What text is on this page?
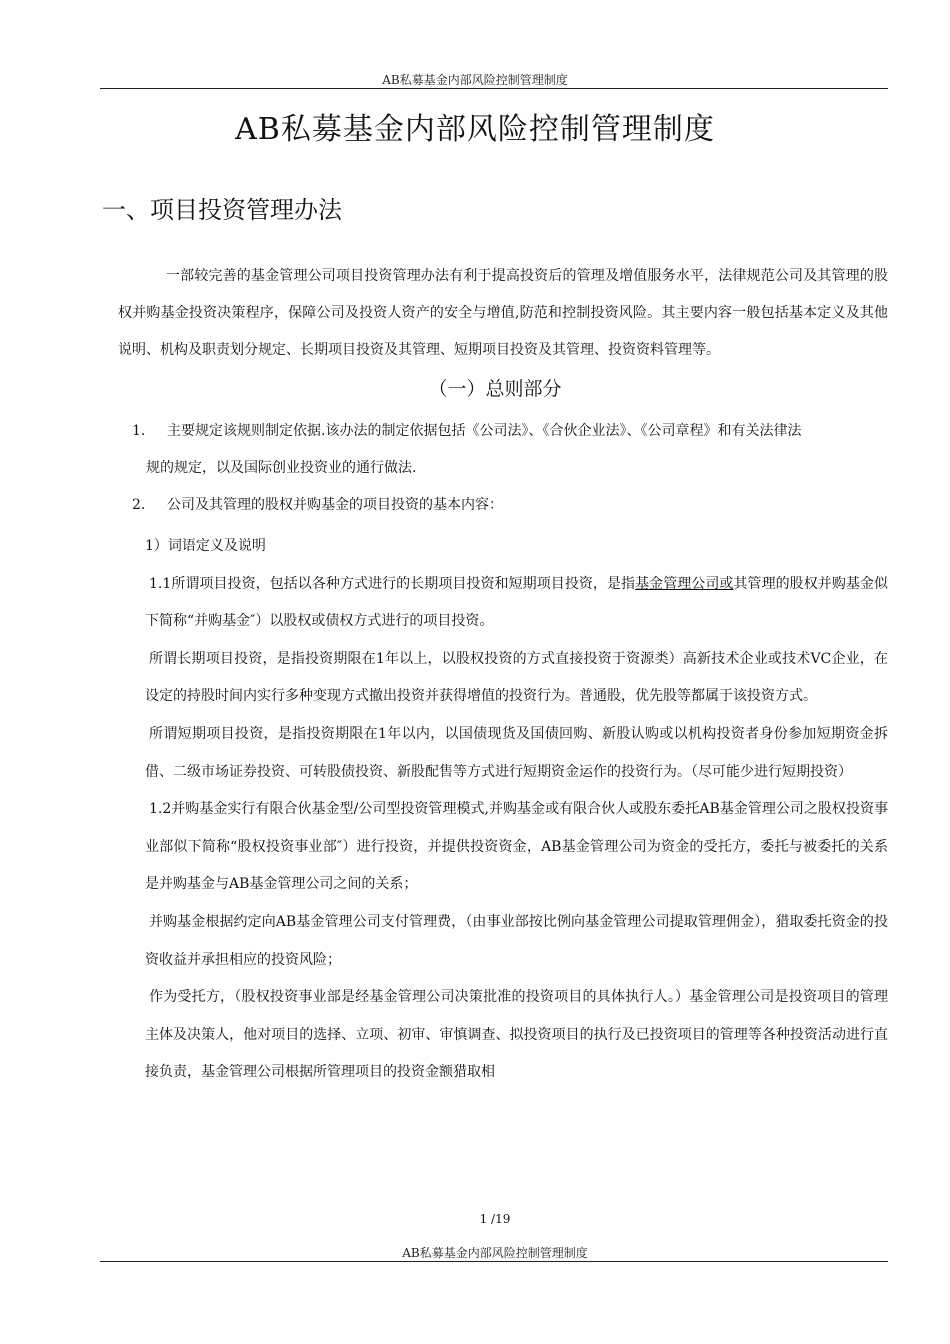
AB私募基金内部风险控制管理制度
AB私募基金内部风险控制管理制度
一、项目投资管理办法

一部较完善的基金管理公司项目投资管理办法有利于提高投资后的管理及增值服务水平，法律规范公司及其管理的股权并购基金投资决策程序，保障公司及投资人资产的安全与增值,防范和控制投资风险。其主要内容一般包括基本定义及其他说明、机构及职责划分规定、长期项目投资及其管理、短期项目投资及其管理、投资资料管理等。

（一）总则部分
1.	主要规定该规则制定依据.该办法的制定依据包括《公司法》、《合伙企业法》、《公司章程》和有关法律法
规的规定，以及国际创业投资业的通行做法.
2.	公司及其管理的股权并购基金的项目投资的基本内容：

1）词语定义及说明

1.1所谓项目投资，包括以各种方式进行的长期项目投资和短期项目投资，是指基金管理公司或其管理的股权并购基金似下简称“并购基金″）以股权或债权方式进行的项目投资。

所谓长期项目投资，是指投资期限在1年以上，以股权投资的方式直接投资于资源类）高新技术企业或技术VC企业，在设定的持股时间内实行多种变现方式撤出投资并获得增值的投资行为。普通股，优先股等都属于该投资方式。

所谓短期项目投资，是指投资期限在1年以内，以国债现货及国债回购、新股认购或以机构投资者身份参加短期资金拆借、二级市场证券投资、可转股债投资、新股配售等方式进行短期资金运作的投资行为。（尽可能少进行短期投资）

1.2并购基金实行有限合伙基金型/公司型投资管理模式,并购基金或有限合伙人或股东委托AB基金管理公司之股权投资事业部似下简称“股权投资事业部″）进行投资，并提供投资资金，AB基金管理公司为资金的受托方，委托与被委托的关系是并购基金与AB基金管理公司之间的关系；

并购基金根据约定向AB基金管理公司支付管理费，（由事业部按比例向基金管理公司提取管理佣金），猎取委托资金的投资收益并承担相应的投资风险；

作为受托方，（股权投资事业部是经基金管理公司决策批准的投资项目的具体执行人。）基金管理公司是投资项目的管理主体及决策人，他对项目的选择、立项、初审、审慎调查、拟投资项目的执行及已投资项目的管理等各种投资活动进行直接负责，基金管理公司根据所管理项目的投资金额猎取相

1 /19
AB私募基金内部风险控制管理制度
